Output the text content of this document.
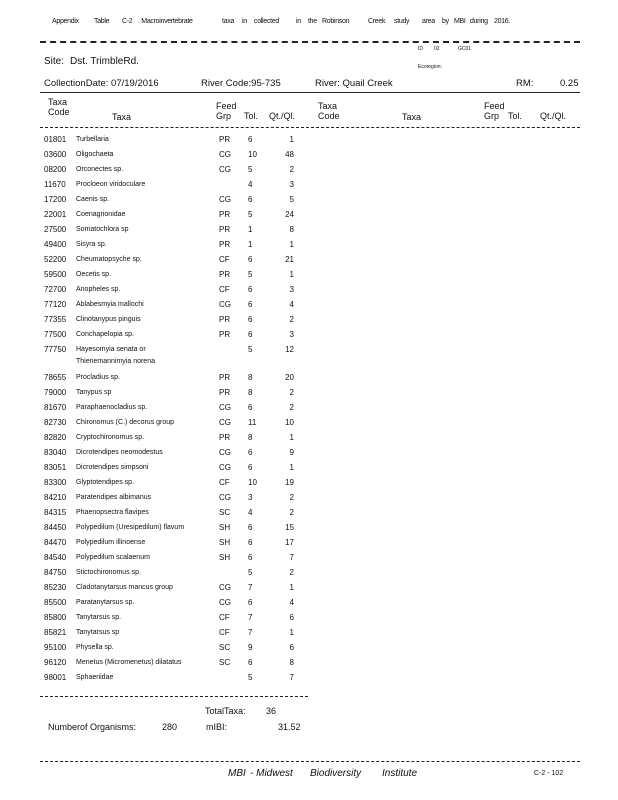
Appendix Table C-2 . Macroinvertebrate	taxa in collected in the Robinson	Creek study area by MBI during 2016.
Site: Dst. TrimbleRd.
ID 02	GC01
Ecoregion:
CollectionDate: 07/19/2016	River Code:95-735	River: Quail Creek	RM:	0.25
Taxa
Code	Taxa
Feed
Grp	Tol. Qt./Ql.
Taxa
Code	Taxa
Feed
Grp Tol. Qt./Ql.
01801 Turbellaria	PR 6	1
03600 Oligochaeta	CG 10	48
08200 Orconectes sp.	CG 5	2
11670 Procloeon viridoculare	4	3
17200 Caenis sp.	CG 6	5
22001 Coenagrionidae	PR 5	24
27500 Somatochlora sp	PR 1	8
49400 Sisyra sp.	PR 1	1
52200 Cheumatopsyche sp.	CF 6	21
59500 Oecetis sp.	PR 5	1
72700 Anopheles sp.	CF 6	3
77120 Ablabesmyia mallochi	CG 6	4
77355 Clinotanypus pinguis	PR 6	2
77500 Conchapelopia sp.	PR 6	3
77750 Hayesomyia senata or
Thienemannimyia norena
5	12
78655 Procladius sp.	PR 8	20
79000 Tanypus sp	PR 8	2
81670 Paraphaenocladius sp.	CG 6	2
82730 Chironomus (C.) decorus group	CG 11	10
82820 Cryptochironomus sp.	PR 8	1
83040 Dicrotendipes neomodestus	CG 6	9
83051 Dicrotendipes simpsoni	CG 6	1
83300 Glyptotendipes sp.	CF 10	19
84210 Paratendipes albimanus	CG 3	2
84315 Phaenopsectra flavipes	SC 4	2
84450 Polypedilum (Uresipedilum) flavum	SH 6	15
84470 Polypedilum illinoense	SH 6	17
84540 Polypedilum scalaenum	SH 6	7
84750 Stictochironomus sp.	5	2
85230 Cladotanytarsus mancus group	CG 7	1
85500 Paratanytarsus sp.	CG 6	4
85800 Tanytarsus sp.	CF 7	6
85821 Tanytarsus sp	CF 7	1
95100 Physella sp.	SC 9	6
96120 Menetus (Micromenetus) dilatatus	SC 6	8
98001 Sphaeriidae	5	7
TotalTaxa: 36
Numberof Organisms:	280	mIBI:	31.52
MBI - Midwest Biodiversity Institute	C-2 - 102
